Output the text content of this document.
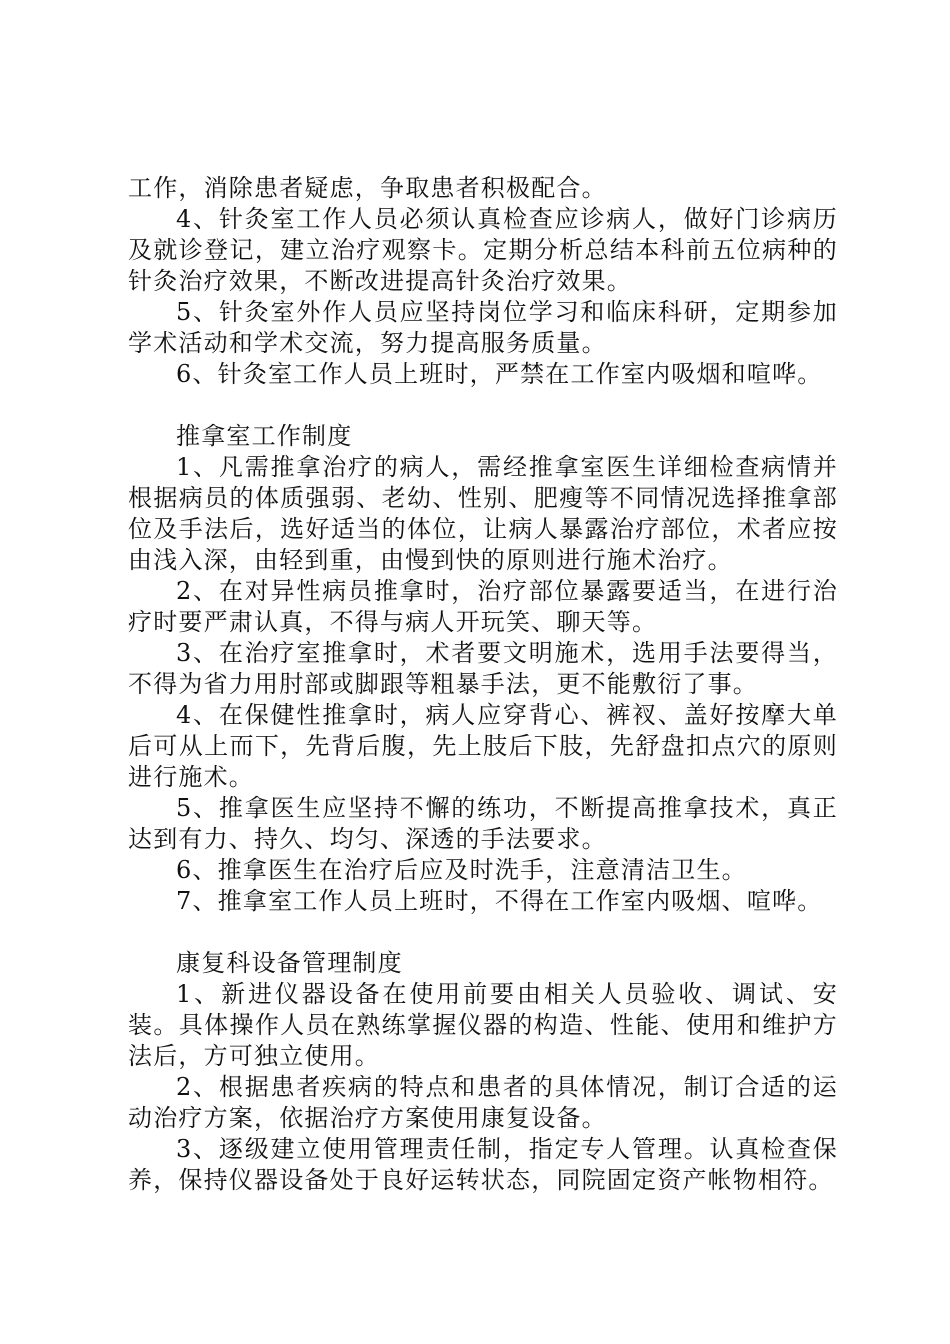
工作，消除患者疑虑，争取患者积极配合。

4、针灸室工作人员必须认真检查应诊病人，做好门诊病历及就诊登记，建立治疗观察卡。定期分析总结本科前五位病种的针灸治疗效果，不断改进提高针灸治疗效果。

5、针灸室外作人员应坚持岗位学习和临床科研，定期参加学术活动和学术交流，努力提高服务质量。

6、针灸室工作人员上班时，严禁在工作室内吸烟和喧哗。

推拿室工作制度

1、凡需推拿治疗的病人，需经推拿室医生详细检查病情并根据病员的体质强弱、老幼、性别、肥瘦等不同情况选择推拿部位及手法后，选好适当的体位，让病人暴露治疗部位，术者应按由浅入深，由轻到重，由慢到快的原则进行施术治疗。

2、在对异性病员推拿时，治疗部位暴露要适当，在进行治疗时要严肃认真，不得与病人开玩笑、聊天等。

3、在治疗室推拿时，术者要文明施术，选用手法要得当，不得为省力用肘部或脚跟等粗暴手法，更不能敷衍了事。

4、在保健性推拿时，病人应穿背心、裤衩、盖好按摩大单后可从上而下，先背后腹，先上肢后下肢，先舒盘扣点穴的原则进行施术。

5、推拿医生应坚持不懈的练功，不断提高推拿技术，真正达到有力、持久、均匀、深透的手法要求。

6、推拿医生在治疗后应及时洗手，注意清洁卫生。

7、推拿室工作人员上班时，不得在工作室内吸烟、喧哗。

康复科设备管理制度

1、新进仪器设备在使用前要由相关人员验收、调试、安装。具体操作人员在熟练掌握仪器的构造、性能、使用和维护方法后，方可独立使用。

2、根据患者疾病的特点和患者的具体情况，制订合适的运动治疗方案，依据治疗方案使用康复设备。

3、逐级建立使用管理责任制，指定专人管理。认真检查保养，保持仪器设备处于良好运转状态，同院固定资产帐物相符。
